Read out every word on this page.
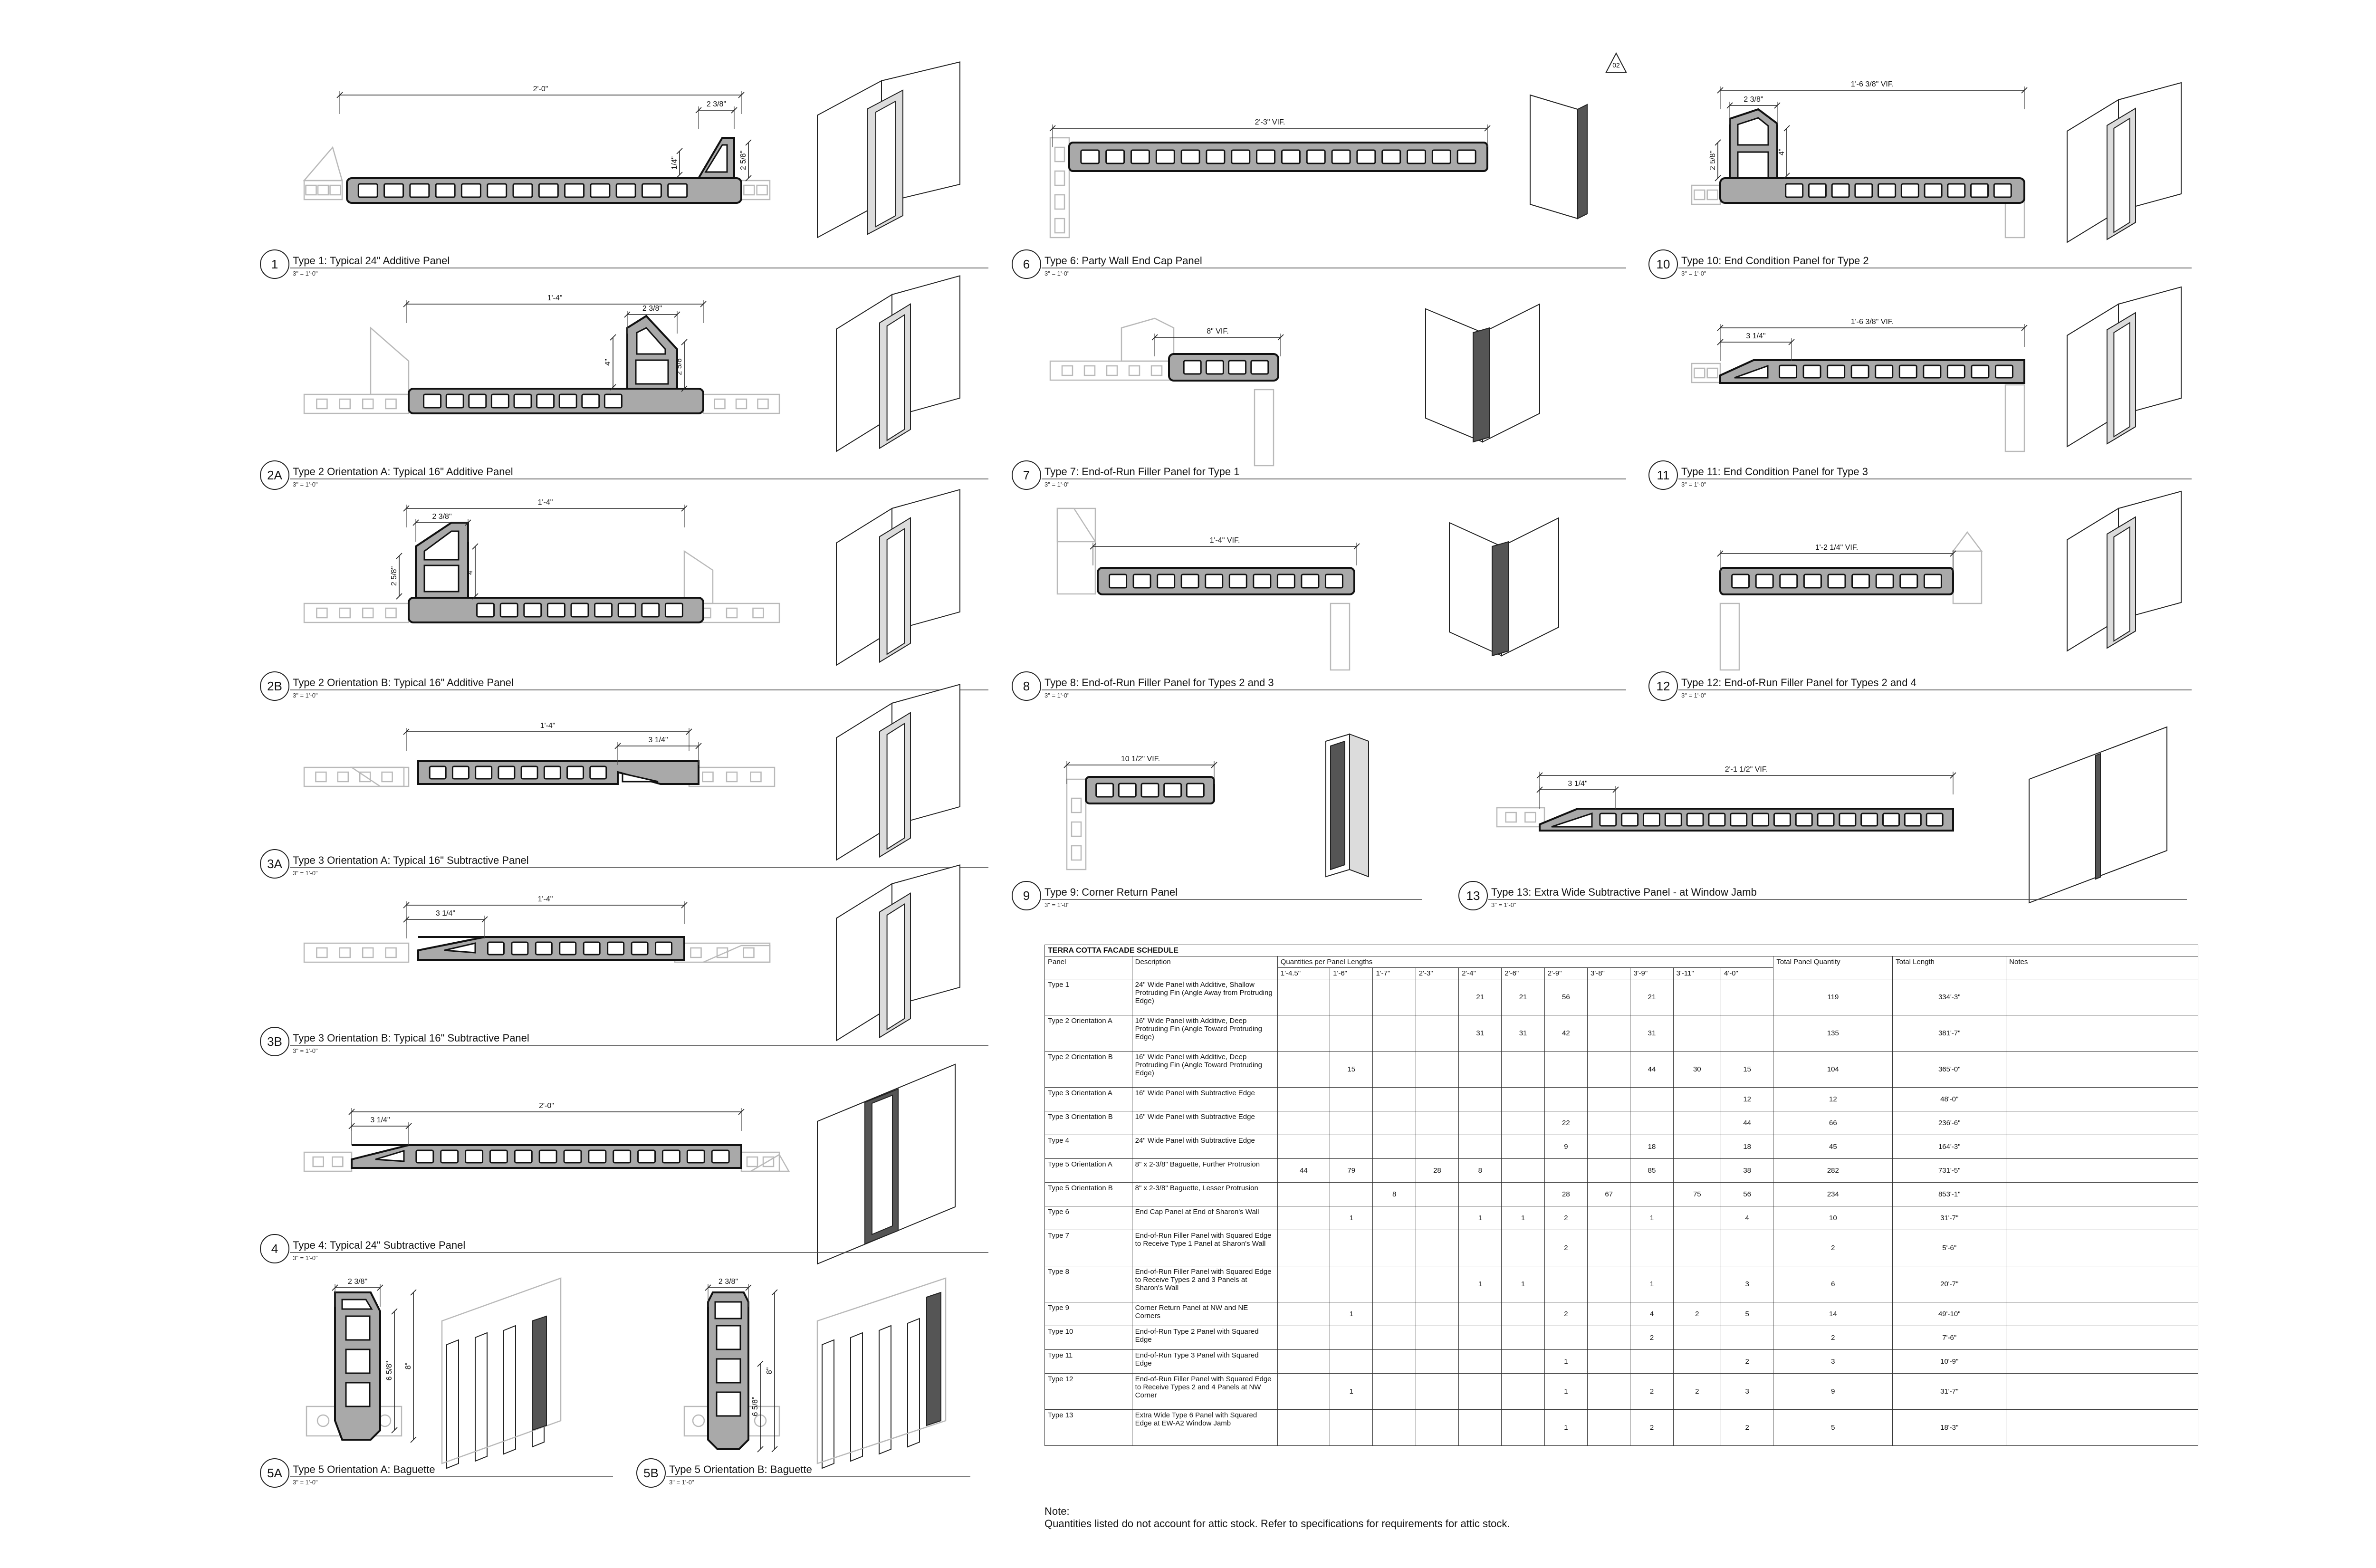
02
2'-0"
2 3/8"
1/4"	2 5/8"
1 Type 1: Typical 24" Additive Panel
3" = 1'-0"
1'-4"
2 3/8"
4"	2 5/8"
2A Type 2 Orientation A: Typical 16" Additive Panel
3" = 1'-0"
1'-4"
2 3/8"
2 5/8"	4"
2B Type 2 Orientation B: Typical 16" Additive Panel
3" = 1'-0"
1'-4"
3 1/4"
3A Type 3 Orientation A: Typical 16" Subtractive Panel
3" = 1'-0"
1'-4"
3 1/4"
3B Type 3 Orientation B: Typical 16" Subtractive Panel
3" = 1'-0"
2'-0"
3 1/4"
4 Type 4: Typical 24" Subtractive Panel
3" = 1'-0"
2 3/8"
6 5/8" 8"
5A Type 5 Orientation A: Baguette
3" = 1'-0"
2 3/8"
6 5/8"
8"
5B Type 5 Orientation B: Baguette
3" = 1'-0"
2'-3" VIF.
6 Type 6: Party Wall End Cap Panel
3" = 1'-0"
8" VIF.
7 Type 7: End-of-Run Filler Panel for Type 1
3" = 1'-0"
1'-4" VIF.
8 Type 8: End-of-Run Filler Panel for Types 2 and 3
3" = 1'-0"
10 1/2" VIF.
9 Type 9: Corner Return Panel
3" = 1'-0"
1'-6 3/8" VIF.
2 3/8"
2 5/8"	4"
10 Type 10: End Condition Panel for Type 2
3" = 1'-0"
1'-6 3/8" VIF.
3 1/4"
11 Type 11: End Condition Panel for Type 3
3" = 1'-0"
1'-2 1/4" VIF.
12 Type 12: End-of-Run Filler Panel for Types 2 and 4
3" = 1'-0"
2'-1 1/2" VIF.
3 1/4"
13 Type 13: Extra Wide Subtractive Panel - at Window Jamb
3" = 1'-0"
TERRA COTTA FACADE SCHEDULE															
Panel	Description	Quantities per Panel Lengths											Total Panel Quantity	Total Length	Notes
		1'-4.5"	1'-6"	1'-7"	2'-3"	2'-4"	2'-6"	2'-9"	3'-8"	3'-9"	3'-11"	4'-0"			
Type 1	24" Wide Panel with Additive, Shallow Protruding Fin (Angle Away from Protruding Edge)					21	21	56		21			119	334'-3"	
Type 2 Orientation A	16" Wide Panel with Additive, Deep Protruding Fin (Angle Toward Protruding Edge)					31	31	42		31			135	381'-7"	
Type 2 Orientation B	16" Wide Panel with Additive, Deep Protruding Fin (Angle Toward Protruding Edge)		15							44	30	15	104	365'-0"	
Type 3 Orientation A	16" Wide Panel with Subtractive Edge											12	12	48'-0"	
Type 3 Orientation B	16" Wide Panel with Subtractive Edge							22				44	66	236'-6"	
Type 4	24" Wide Panel with Subtractive Edge							9		18		18	45	164'-3"	
Type 5 Orientation A	8" x 2-3/8" Baguette, Further Protrusion	44	79		28	8				85		38	282	731'-5"	
Type 5 Orientation B	8" x 2-3/8" Baguette, Lesser Protrusion			8				28	67		75	56	234	853'-1"	
Type 6	End Cap Panel at End of Sharon's Wall		1			1	1	2		1		4	10	31'-7"	
Type 7	End-of-Run Filler Panel with Squared Edge to Receive Type 1 Panel at Sharon's Wall							2					2	5'-6"	
Type 8	End-of-Run Filler Panel with Squared Edge to Receive Types 2 and 3 Panels at Sharon's Wall					1	1			1		3	6	20'-7"	
Type 9	Corner Return Panel at NW and NE Corners		1					2		4	2	5	14	49'-10"	
Type 10	End-of-Run Type 2 Panel with Squared Edge									2			2	7'-6"	
Type 11	End-of-Run Type 3 Panel with Squared Edge							1				2	3	10'-9"	
Type 12	End-of-Run Filler Panel with Squared Edge to Receive Types 2 and 4 Panels at NW Corner		1					1		2	2	3	9	31'-7"	
Type 13	Extra Wide Type 6 Panel with Squared Edge at EW-A2 Window Jamb							1		2		2	5	18'-3"	
Note:
Quantities listed do not account for attic stock. Refer to specifications for requirements for attic stock.
